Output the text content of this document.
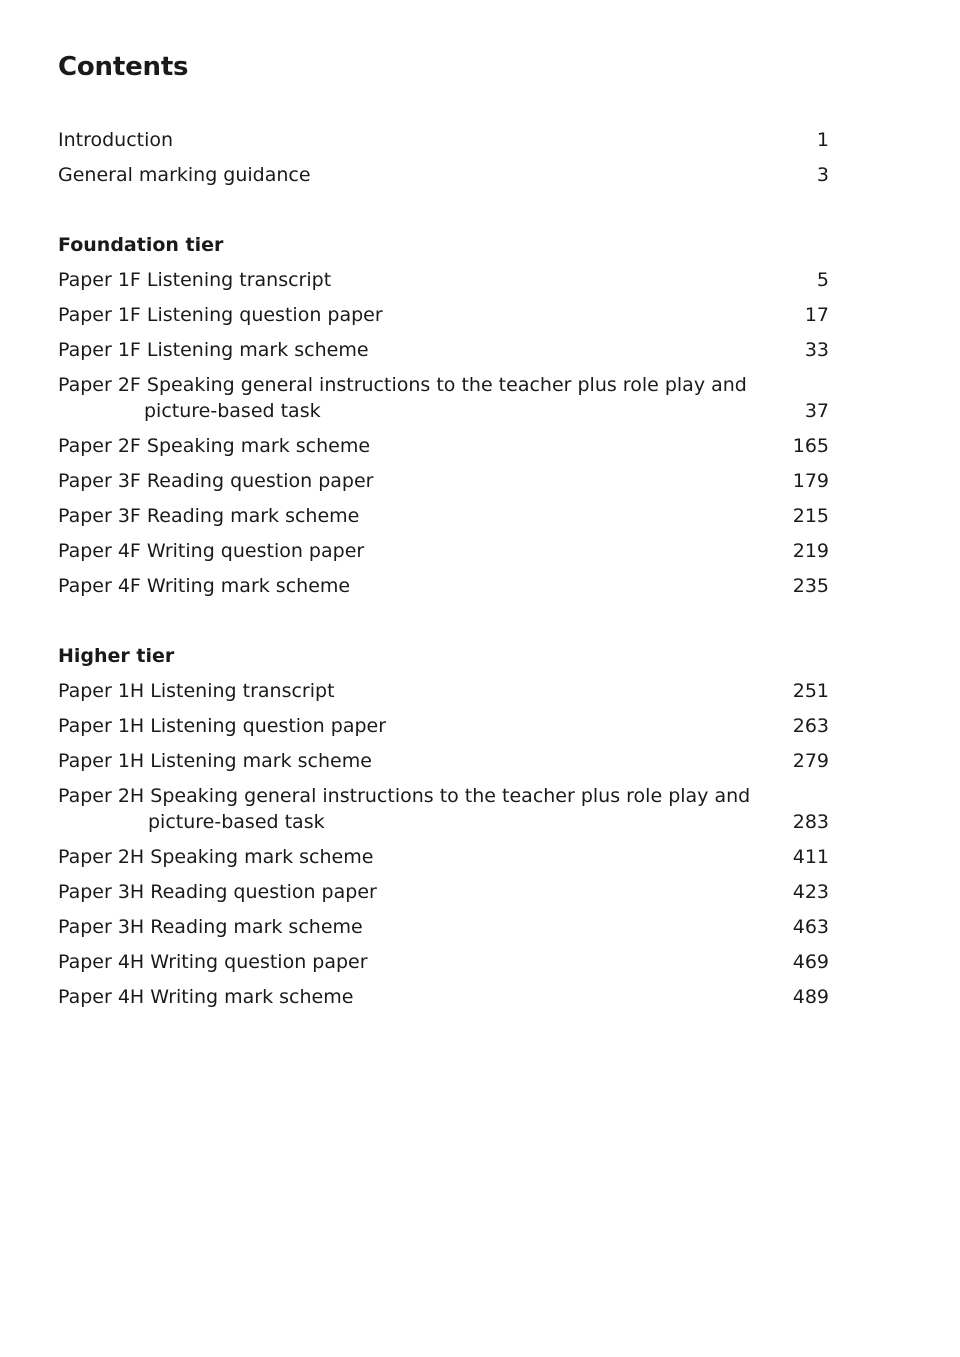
Contents
Introduction	1
General marking guidance	3
Foundation tier
Paper 1F Listening transcript	5
Paper 1F Listening question paper	17
Paper 1F Listening mark scheme	33
Paper 2F Speaking general instructions to the teacher plus role play and
picture-based task	37
Paper 2F Speaking mark scheme	165
Paper 3F Reading question paper	179
Paper 3F Reading mark scheme	215
Paper 4F Writing question paper	219
Paper 4F Writing mark scheme	235
Higher tier
Paper 1H Listening transcript	251
Paper 1H Listening question paper	263
Paper 1H Listening mark scheme	279
Paper 2H Speaking general instructions to the teacher plus role play and
picture-based task	283
Paper 2H Speaking mark scheme	411
Paper 3H Reading question paper	423
Paper 3H Reading mark scheme	463
Paper 4H Writing question paper	469
Paper 4H Writing mark scheme	489
